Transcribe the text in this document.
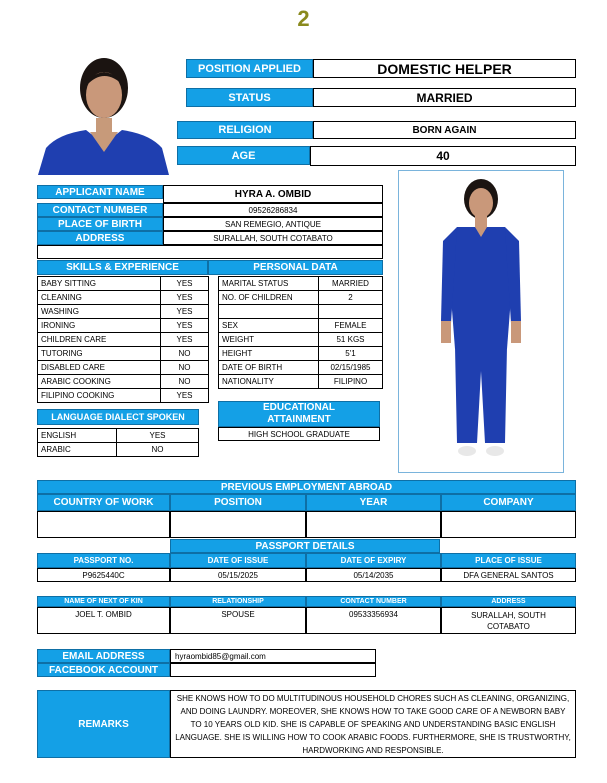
2
POSITION APPLIED	DOMESTIC HELPER
STATUS	MARRIED
RELIGION	BORN AGAIN
AGE	40
APPLICANT NAME	HYRA A. OMBID
CONTACT NUMBER	09526286834
PLACE OF BIRTH	SAN REMEGIO, ANTIQUE
ADDRESS	SURALLAH, SOUTH COTABATO
SKILLS & EXPERIENCE	PERSONAL DATA
BABY SITTING	YES
CLEANING	YES
WASHING	YES
IRONING	YES
CHILDREN CARE	YES
TUTORING	NO
DISABLED CARE	NO
ARABIC COOKING	NO
FILIPINO COOKING	YES
MARITAL STATUS	MARRIED
NO. OF CHILDREN	2

SEX	FEMALE
WEIGHT	51 KGS
HEIGHT	5'1
DATE OF BIRTH	02/15/1985
NATIONALITY	FILIPINO
LANGUAGE DIALECT SPOKEN
ENGLISH	YES
ARABIC	NO
EDUCATIONAL ATTAINMENT
HIGH SCHOOL GRADUATE
PREVIOUS EMPLOYMENT ABROAD
COUNTRY OF WORK	POSITION	YEAR	COMPANY
PASSPORT DETAILS
PASSPORT NO.	DATE OF ISSUE	DATE OF EXPIRY	PLACE OF ISSUE
P9625440C	05/15/2025	05/14/2035	DFA GENERAL SANTOS
NAME OF NEXT OF KIN	RELATIONSHIP	CONTACT NUMBER	ADDRESS
JOEL T. OMBID	SPOUSE	09533356934	SURALLAH, SOUTH COTABATO
EMAIL ADDRESS	hyraombid85@gmail.com
FACEBOOK ACCOUNT
REMARKS
SHE KNOWS HOW TO DO MULTITUDINOUS HOUSEHOLD CHORES SUCH AS CLEANING, ORGANIZING, AND DOING LAUNDRY. MOREOVER, SHE KNOWS HOW TO TAKE GOOD CARE OF A NEWBORN BABY TO 10 YEARS OLD KID. SHE IS CAPABLE OF SPEAKING AND UNDERSTANDING BASIC ENGLISH LANGUAGE. SHE IS WILLING HOW TO COOK ARABIC FOODS. FURTHERMORE, SHE IS TRUSTWORTHY, HARDWORKING AND RESPONSIBLE.
